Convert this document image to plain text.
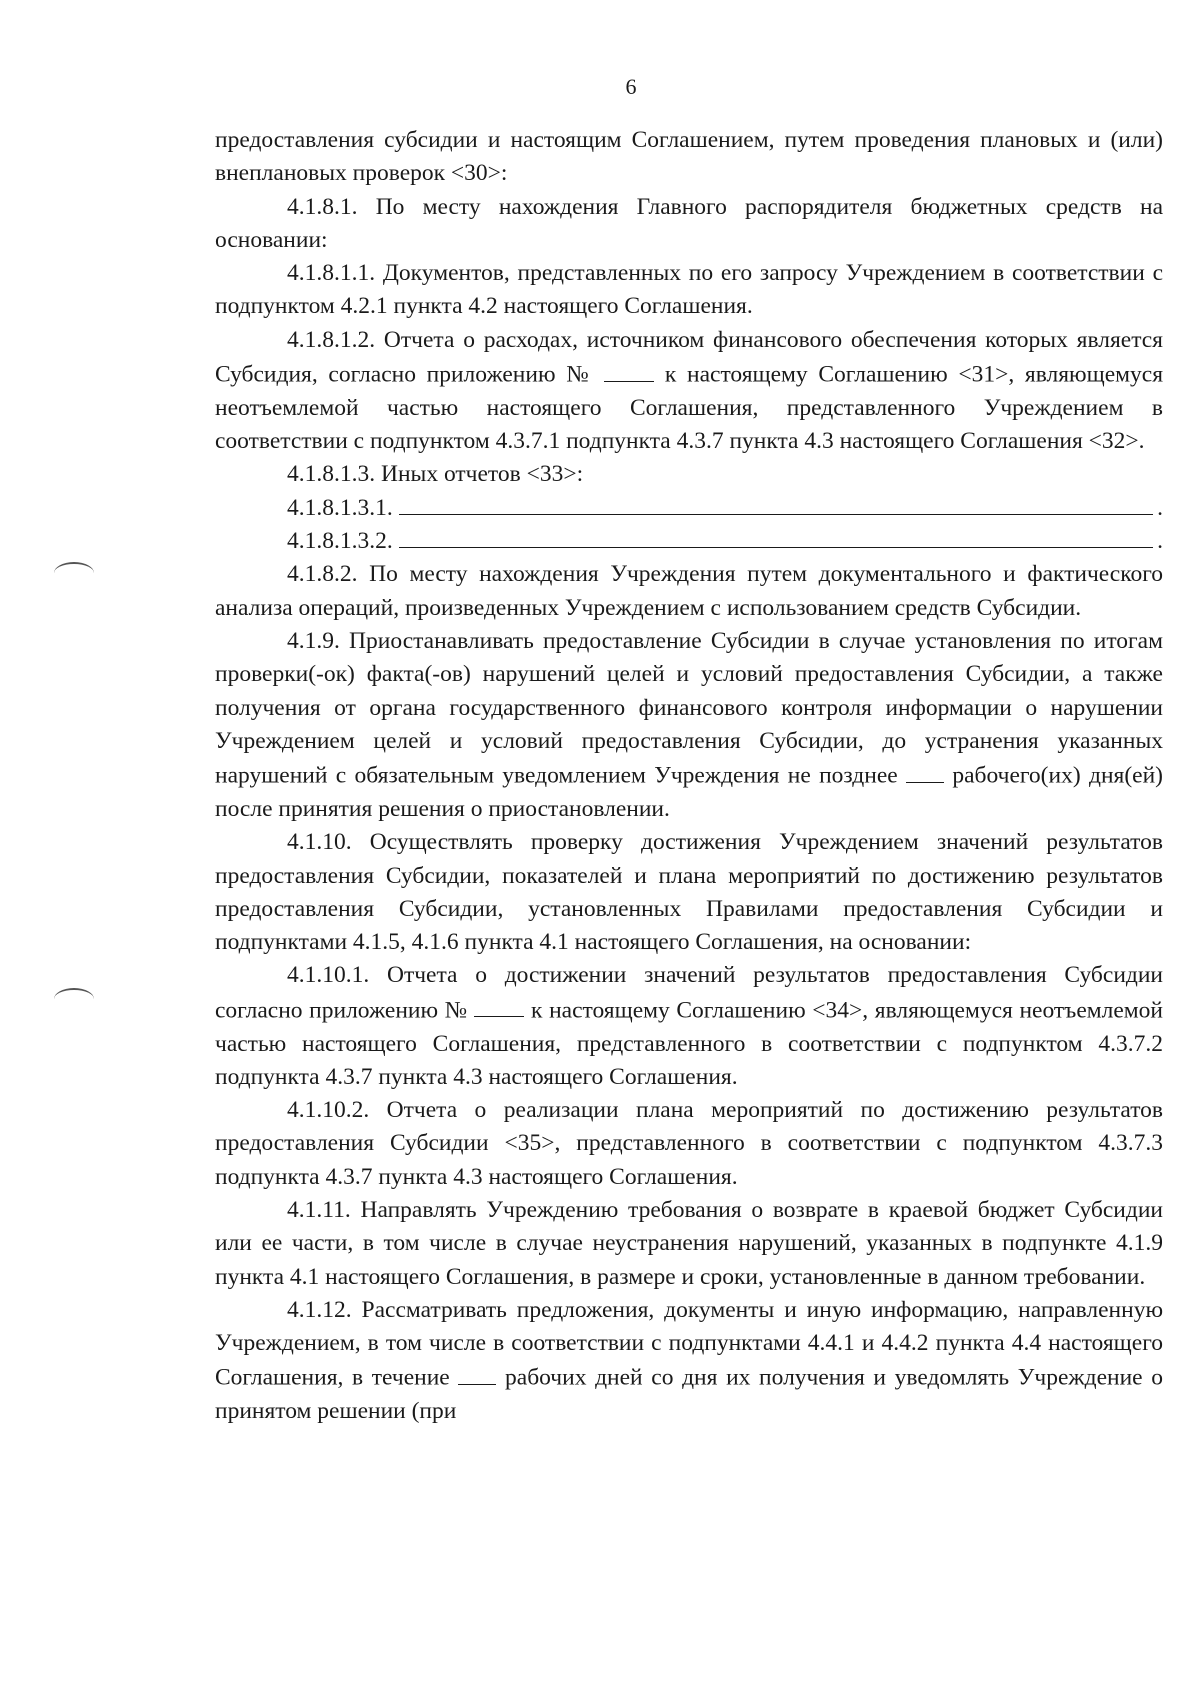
6

предоставления субсидии и настоящим Соглашением, путем проведения плановых и (или) внеплановых проверок <30>:

4.1.8.1. По месту нахождения Главного распорядителя бюджетных средств на основании:

4.1.8.1.1. Документов, представленных по его запросу Учреждением в соответствии с подпунктом 4.2.1 пункта 4.2 настоящего Соглашения.

4.1.8.1.2. Отчета о расходах, источником финансового обеспечения которых является Субсидия, согласно приложению №  к настоящему Соглашению <31>, являющемуся неотъемлемой частью настоящего Соглашения, представленного Учреждением в соответствии с подпунктом 4.3.7.1 подпункта 4.3.7 пункта 4.3 настоящего Соглашения <32>.

4.1.8.1.3. Иных отчетов <33>:

4.1.8.1.3.1.	.

4.1.8.1.3.2.	.

4.1.8.2. По месту нахождения Учреждения путем документального и фактического анализа операций, произведенных Учреждением с использованием средств Субсидии.

4.1.9. Приостанавливать предоставление Субсидии в случае установления по итогам проверки(-ок) факта(-ов) нарушений целей и условий предоставления Субсидии, а также получения от органа государственного финансового контроля информации о нарушении Учреждением целей и условий предоставления Субсидии, до устранения указанных нарушений с обязательным уведомлением Учреждения не позднее  рабочего(их) дня(ей) после принятия решения о приостановлении.

4.1.10. Осуществлять проверку достижения Учреждением значений результатов предоставления Субсидии, показателей и плана мероприятий по достижению результатов предоставления Субсидии, установленных Правилами предоставления Субсидии и подпунктами 4.1.5, 4.1.6 пункта 4.1 настоящего Соглашения, на основании:

4.1.10.1. Отчета о достижении значений результатов предоставления Субсидии согласно приложению №  к настоящему Соглашению <34>, являющемуся неотъемлемой частью настоящего Соглашения, представленного в соответствии с подпунктом 4.3.7.2 подпункта 4.3.7 пункта 4.3 настоящего Соглашения.

4.1.10.2. Отчета о реализации плана мероприятий по достижению результатов предоставления Субсидии <35>, представленного в соответствии с подпунктом 4.3.7.3 подпункта 4.3.7 пункта 4.3 настоящего Соглашения.

4.1.11. Направлять Учреждению требования о возврате в краевой бюджет Субсидии или ее части, в том числе в случае неустранения нарушений, указанных в подпункте 4.1.9 пункта 4.1 настоящего Соглашения, в размере и сроки, установленные в данном требовании.

4.1.12. Рассматривать предложения, документы и иную информацию, направленную Учреждением, в том числе в соответствии с подпунктами 4.4.1 и 4.4.2 пункта 4.4 настоящего Соглашения, в течение  рабочих дней со дня их получения и уведомлять Учреждение о принятом решении (при
